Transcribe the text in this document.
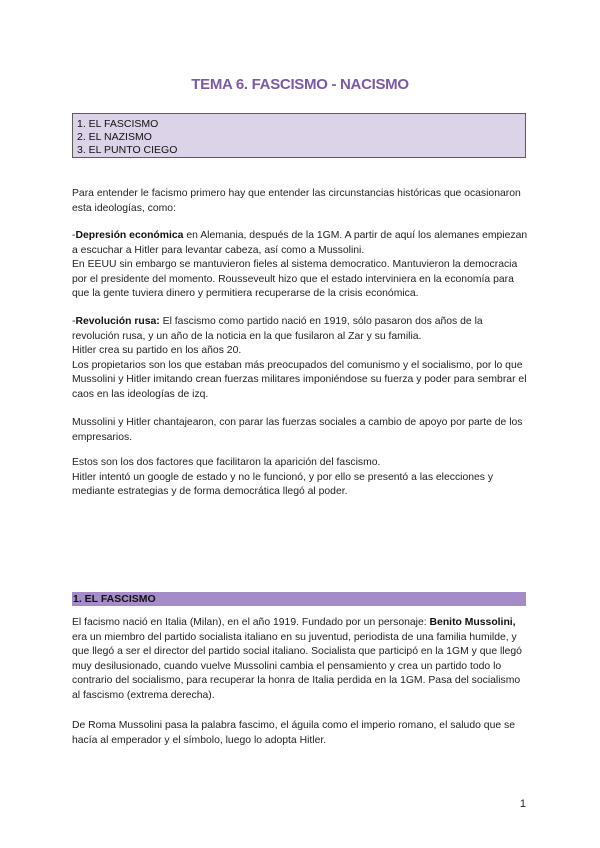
TEMA 6. FASCISMO - NACISMO
1. EL FASCISMO
2. EL NAZISMO
3. EL PUNTO CIEGO

Para entender le facismo primero hay que entender las circunstancias históricas que ocasionaron esta ideologías, como:

-Depresión económica en Alemania, después de la 1GM. A partir de aquí los alemanes empiezan a escuchar a Hitler para levantar cabeza, así como a Mussolini.
En EEUU sin embargo se mantuvieron fieles al sistema democratico. Mantuvieron la democracia por el presidente del momento. Rousseveult hizo que el estado interviniera en la economía para que la gente tuviera dinero y permitiera recuperarse de la crisis económica.

-Revolución rusa: El fascismo como partido nació en 1919, sólo pasaron dos años de la revolución rusa, y un año de la noticia en la que fusilaron al Zar y su familia.
Hitler crea su partido en los años 20.
Los propietarios son los que estaban más preocupados del comunismo y el socialismo, por lo que Mussolini y Hitler imitando crean fuerzas militares imponiéndose su fuerza y poder para sembrar el caos en las ideologías de izq.

Mussolini y Hitler chantajearon, con parar las fuerzas sociales a cambio de apoyo por parte de los empresarios.

Estos son los dos factores que facilitaron la aparición del fascismo.
Hitler intentó un google de estado y no le funcionó, y por ello se presentó a las elecciones y mediante estrategias y de forma democrática llegó al poder.

1. EL FASCISMO

El facismo nació en Italia (Milan), en el año 1919. Fundado por un personaje: Benito Mussolini, era un miembro del partido socialista italiano en su juventud, periodista de una familia humilde, y que llegó a ser el director del partido social italiano. Socialista que participó en la 1GM y que llegó muy desilusionado, cuando vuelve Mussolini cambia el pensamiento y crea un partido todo lo contrario del socialismo, para recuperar la honra de Italia perdida en la 1GM. Pasa del socialismo al fascismo (extrema derecha).

De Roma Mussolini pasa la palabra fascimo, el águila como el imperio romano, el saludo que se hacía al emperador y el símbolo, luego lo adopta Hitler.

1
